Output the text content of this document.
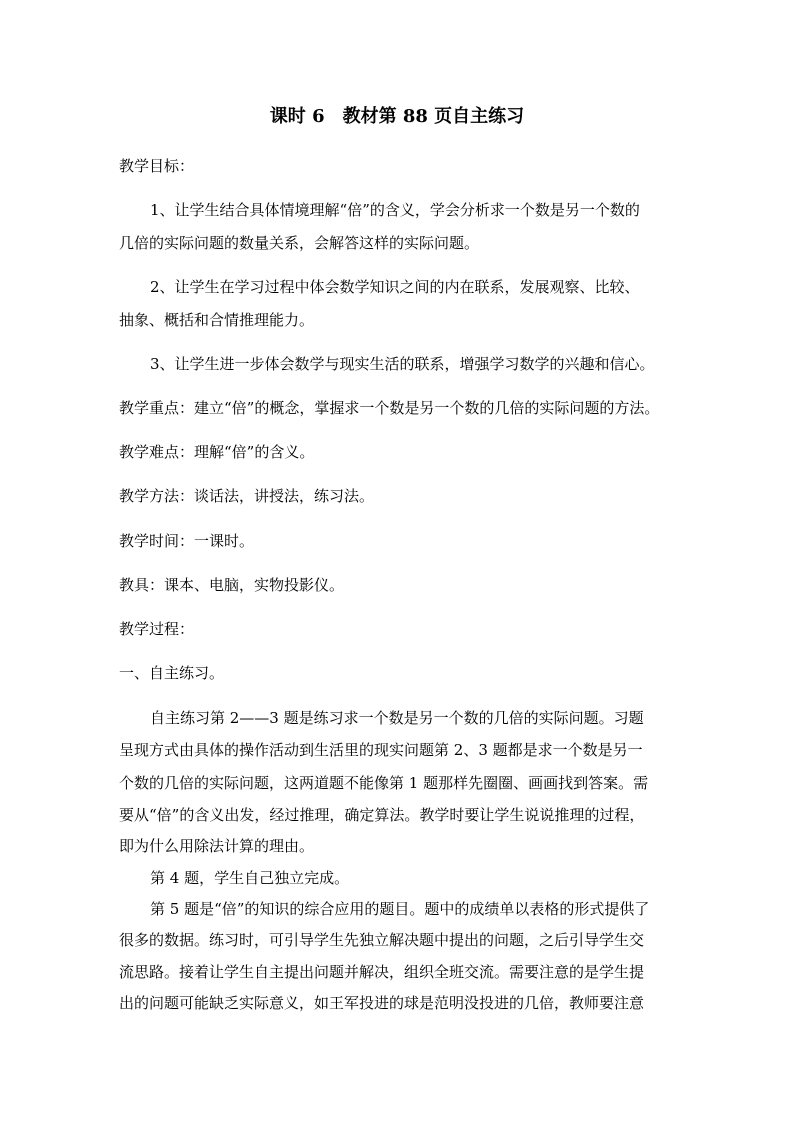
课时 6 教材第 88 页自主练习
教学目标：
1、让学生结合具体情境理解“倍”的含义，学会分析求一个数是另一个数的
几倍的实际问题的数量关系，会解答这样的实际问题。
2、让学生在学习过程中体会数学知识之间的内在联系，发展观察、比较、
抽象、概括和合情推理能力。
3、让学生进一步体会数学与现实生活的联系，增强学习数学的兴趣和信心。
教学重点：建立“倍”的概念，掌握求一个数是另一个数的几倍的实际问题的方法。
教学难点：理解“倍”的含义。
教学方法：谈话法，讲授法，练习法。
教学时间：一课时。
教具：课本、电脑，实物投影仪。
教学过程：
一、自主练习。
自主练习第 2——3 题是练习求一个数是另一个数的几倍的实际问题。习题
呈现方式由具体的操作活动到生活里的现实问题第 2、3 题都是求一个数是另一
个数的几倍的实际问题，这两道题不能像第 1 题那样先圈圈、画画找到答案。需
要从“倍”的含义出发，经过推理，确定算法。教学时要让学生说说推理的过程，
即为什么用除法计算的理由。
第 4 题，学生自己独立完成。
第 5 题是“倍”的知识的综合应用的题目。题中的成绩单以表格的形式提供了
很多的数据。练习时，可引导学生先独立解决题中提出的问题，之后引导学生交
流思路。接着让学生自主提出问题并解决，组织全班交流。需要注意的是学生提
出的问题可能缺乏实际意义，如王军投进的球是范明没投进的几倍，教师要注意
